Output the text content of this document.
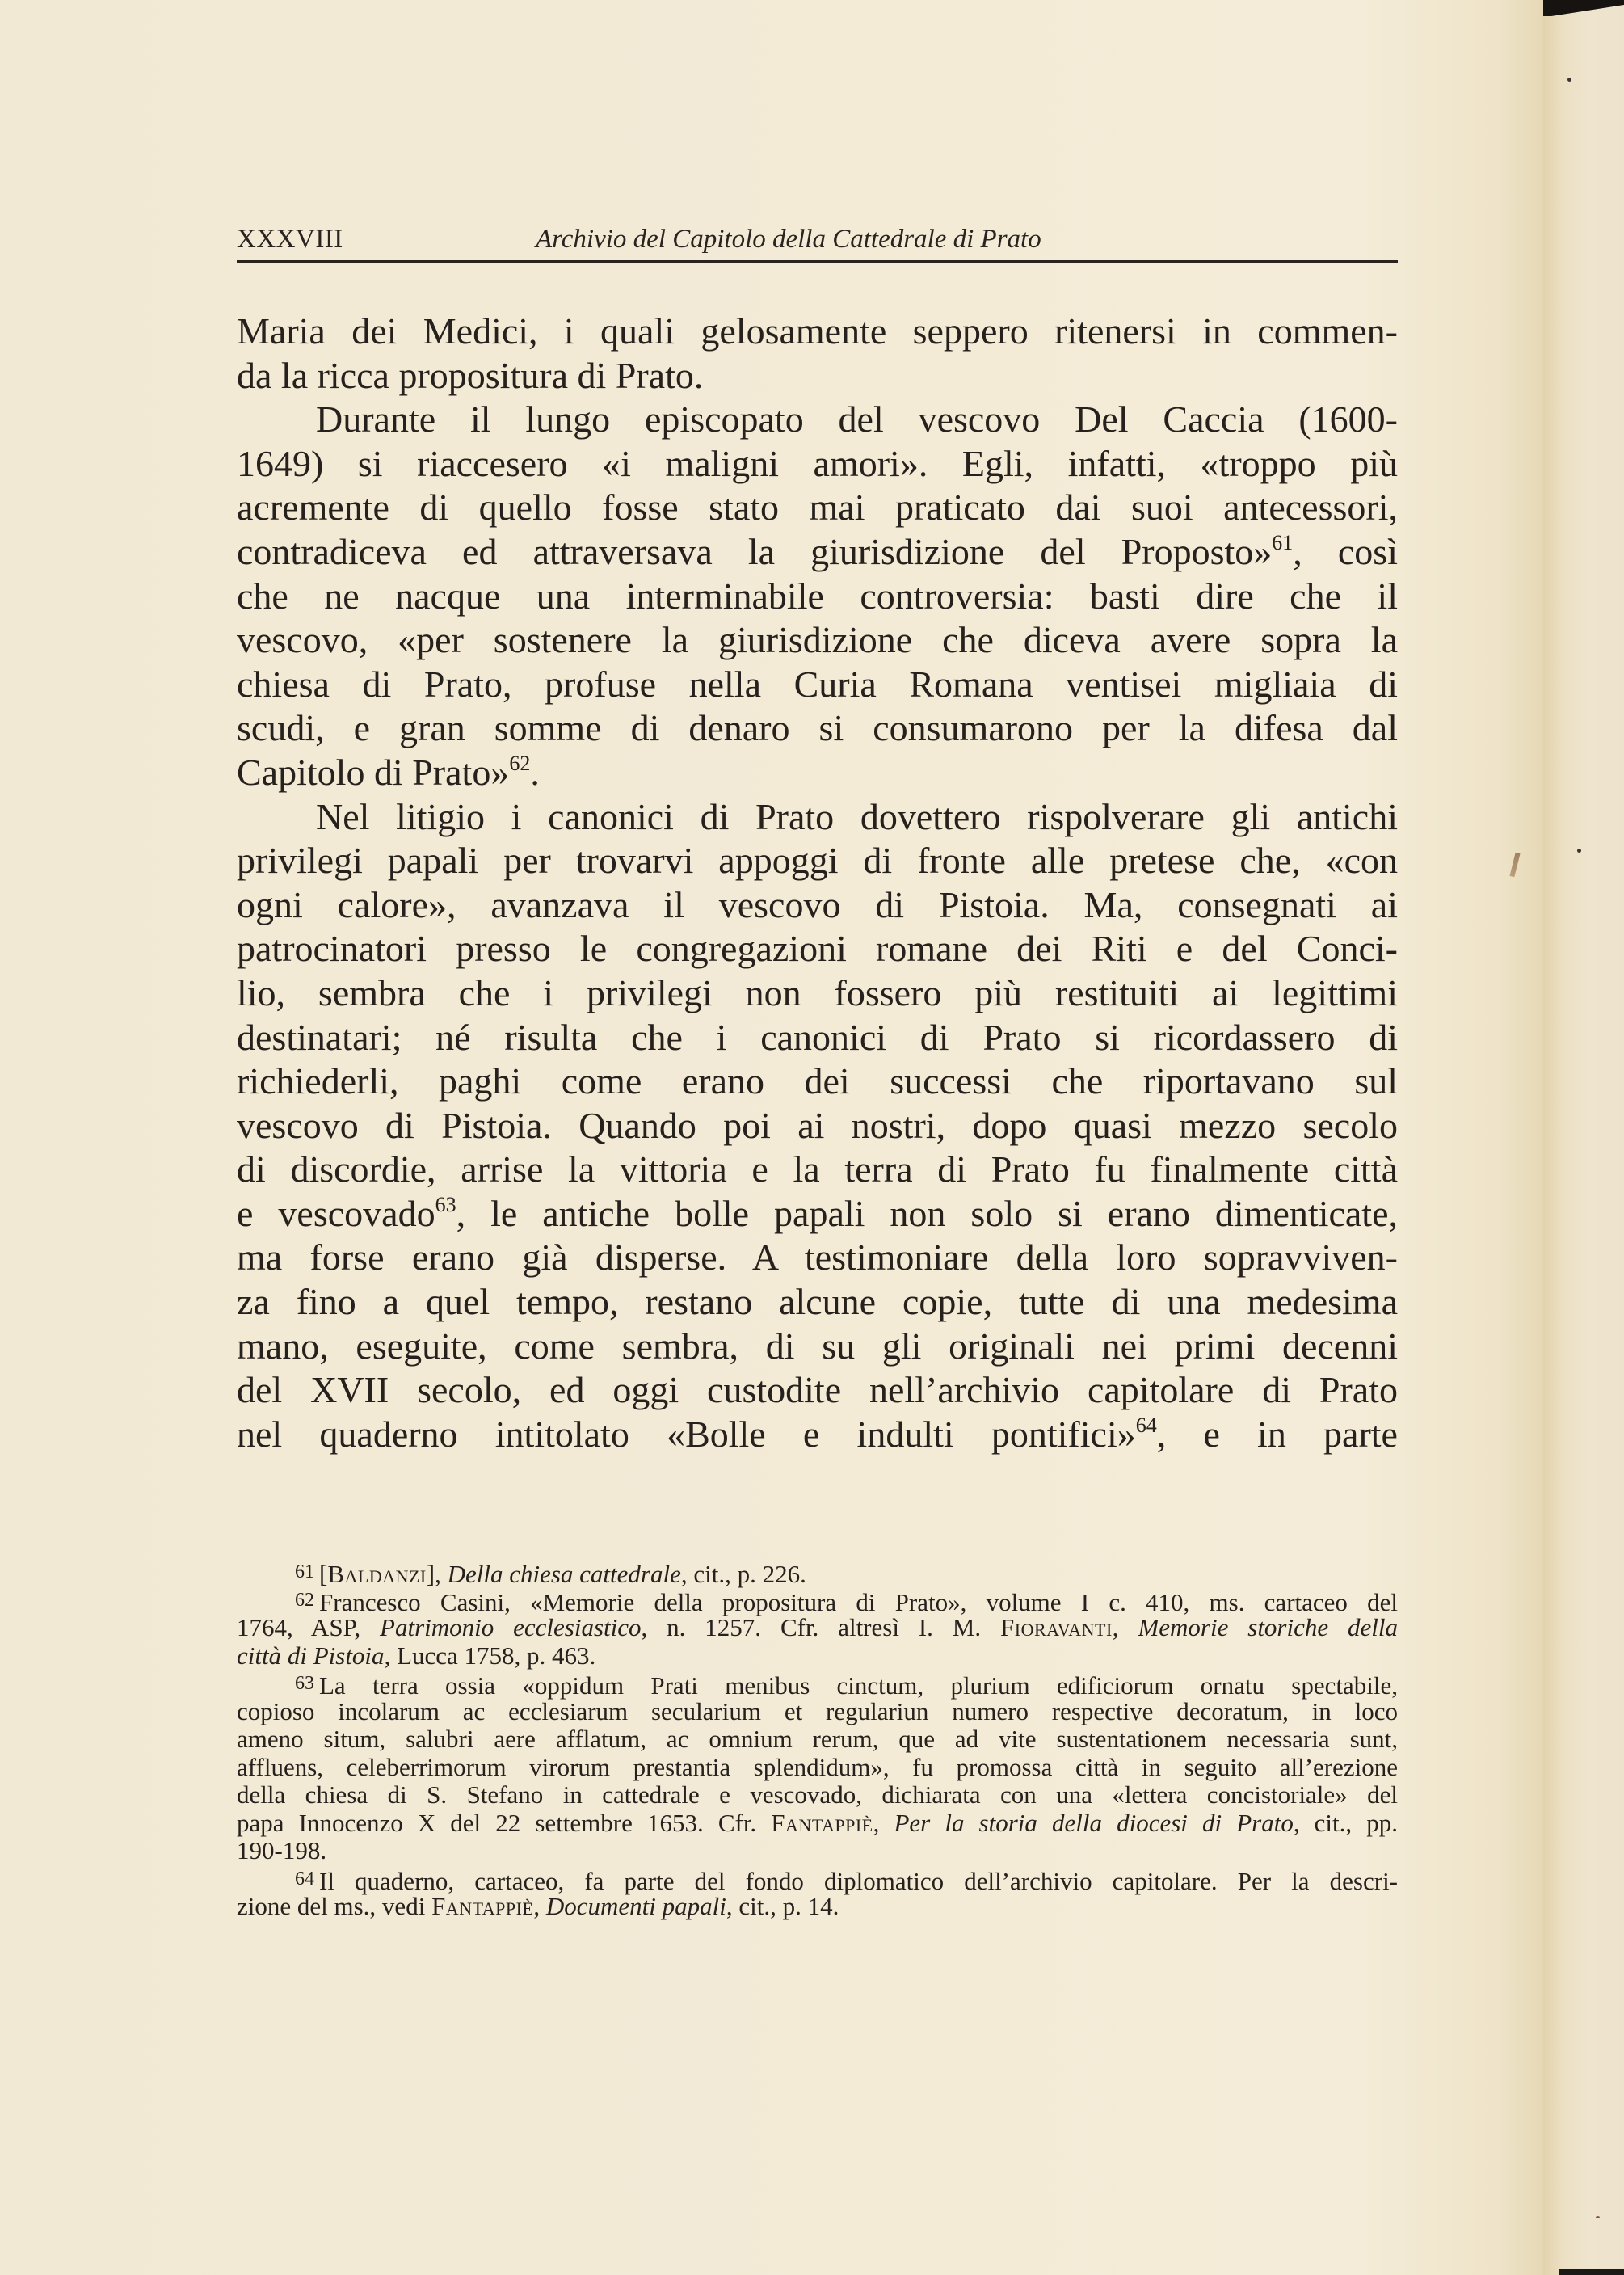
XXXVIII	Archivio del Capitolo della Cattedrale di Prato
Maria dei Medici, i quali gelosamente seppero ritenersi in commen-
da la ricca propositura di Prato.
Durante il lungo episcopato del vescovo Del Caccia (1600-
1649) si riaccesero «i maligni amori». Egli, infatti, «troppo più
acremente di quello fosse stato mai praticato dai suoi antecessori,
contradiceva ed attraversava la giurisdizione del Proposto»$^{61}$, così
che ne nacque una interminabile controversia: basti dire che il
vescovo, «per sostenere la giurisdizione che diceva avere sopra la
chiesa di Prato, profuse nella Curia Romana ventisei migliaia di
scudi, e gran somme di denaro si consumarono per la difesa dal
Capitolo di Prato»$^{62}$.
Nel litigio i canonici di Prato dovettero rispolverare gli antichi
privilegi papali per trovarvi appoggi di fronte alle pretese che, «con
ogni calore», avanzava il vescovo di Pistoia. Ma, consegnati ai
patrocinatori presso le congregazioni romane dei Riti e del Conci-
lio, sembra che i privilegi non fossero più restituiti ai legittimi
destinatari; né risulta che i canonici di Prato si ricordassero di
richiederli, paghi come erano dei successi che riportavano sul
vescovo di Pistoia. Quando poi ai nostri, dopo quasi mezzo secolo
di discordie, arrise la vittoria e la terra di Prato fu finalmente città
e vescovado$^{63}$, le antiche bolle papali non solo si erano dimenticate,
ma forse erano già disperse. A testimoniare della loro sopravviven-
za fino a quel tempo, restano alcune copie, tutte di una medesima
mano, eseguite, come sembra, di su gli originali nei primi decenni
del XVII secolo, ed oggi custodite nell’archivio capitolare di Prato
nel quaderno intitolato «Bolle e indulti pontifici»$^{64}$, e in parte
61 [Baldanzi], Della chiesa cattedrale, cit., p. 226.
62 Francesco Casini, «Memorie della propositura di Prato», volume I c. 410, ms. cartaceo del
1764, ASP, Patrimonio ecclesiastico, n. 1257. Cfr. altresì I. M. Fioravanti, Memorie storiche della
città di Pistoia, Lucca 1758, p. 463.
63 La terra ossia «oppidum Prati menibus cinctum, plurium edificiorum ornatu spectabile,
copioso incolarum ac ecclesiarum secularium et regulariun numero respective decoratum, in loco
ameno situm, salubri aere afflatum, ac omnium rerum, que ad vite sustentationem necessaria sunt,
affluens, celeberrimorum virorum prestantia splendidum», fu promossa città in seguito all’erezione
della chiesa di S. Stefano in cattedrale e vescovado, dichiarata con una «lettera concistoriale» del
papa Innocenzo X del 22 settembre 1653. Cfr. Fantappiè, Per la storia della diocesi di Prato, cit., pp.
190-198.
64 Il quaderno, cartaceo, fa parte del fondo diplomatico dell’archivio capitolare. Per la descri-
zione del ms., vedi Fantappiè, Documenti papali, cit., p. 14.
